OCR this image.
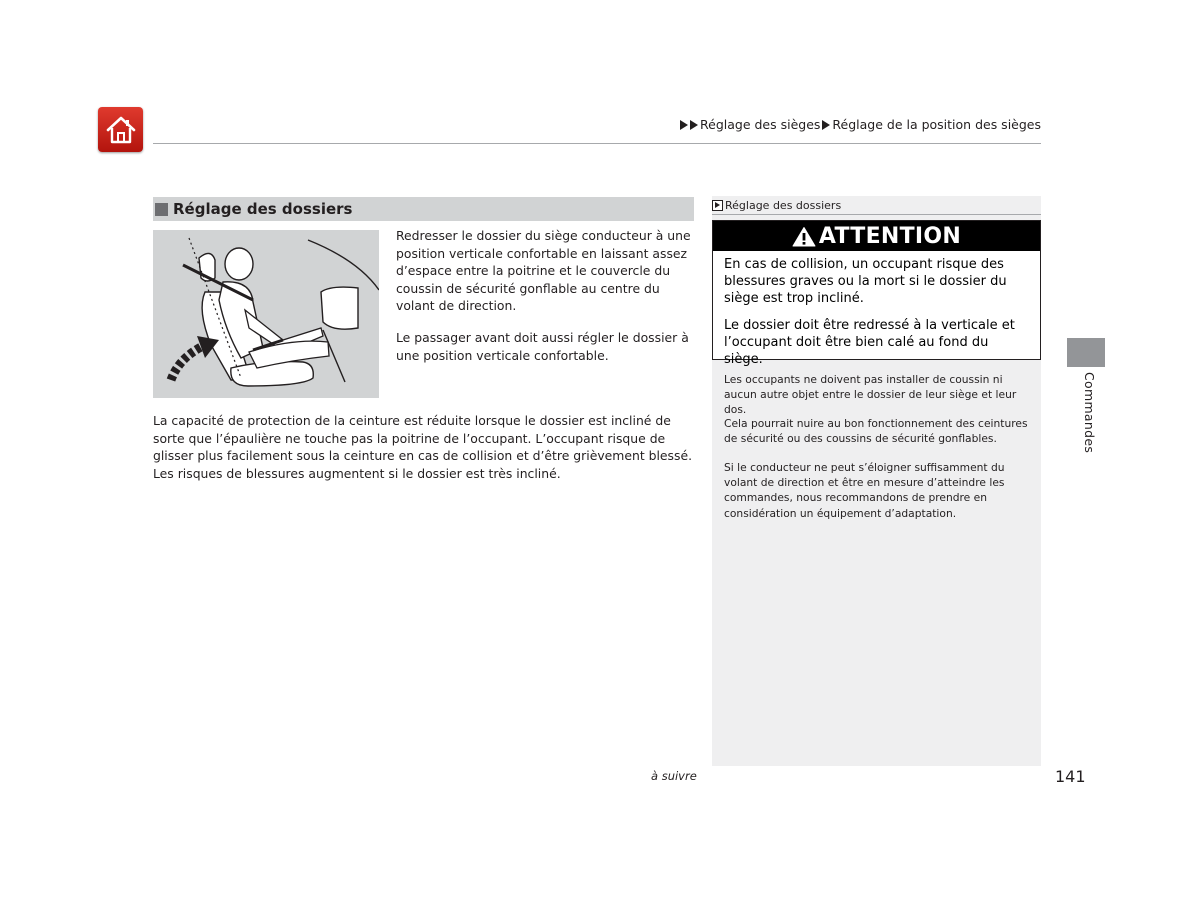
Réglage des sièges Réglage de la position des sièges
Réglage des dossiers

Redresser le dossier du siège conducteur à une position verticale confortable en laissant assez d’espace entre la poitrine et le couvercle du coussin de sécurité gonflable au centre du volant de direction.

Le passager avant doit aussi régler le dossier à une position verticale confortable.

La capacité de protection de la ceinture est réduite lorsque le dossier est incliné de sorte que l’épaulière ne touche pas la poitrine de l’occupant. L’occupant risque de glisser plus facilement sous la ceinture en cas de collision et d’être grièvement blessé. Les risques de blessures augmentent si le dossier est très incliné.

Réglage des dossiers
ATTENTION

En cas de collision, un occupant risque des blessures graves ou la mort si le dossier du siège est trop incliné.

Le dossier doit être redressé à la verticale et l’occupant doit être bien calé au fond du siège.

Les occupants ne doivent pas installer de coussin ni aucun autre objet entre le dossier de leur siège et leur dos.

Cela pourrait nuire au bon fonctionnement des ceintures de sécurité ou des coussins de sécurité gonflables.

Si le conducteur ne peut s’éloigner suffisamment du volant de direction et être en mesure d’atteindre les commandes, nous recommandons de prendre en considération un équipement d’adaptation.

Commandes
à suivre	141
